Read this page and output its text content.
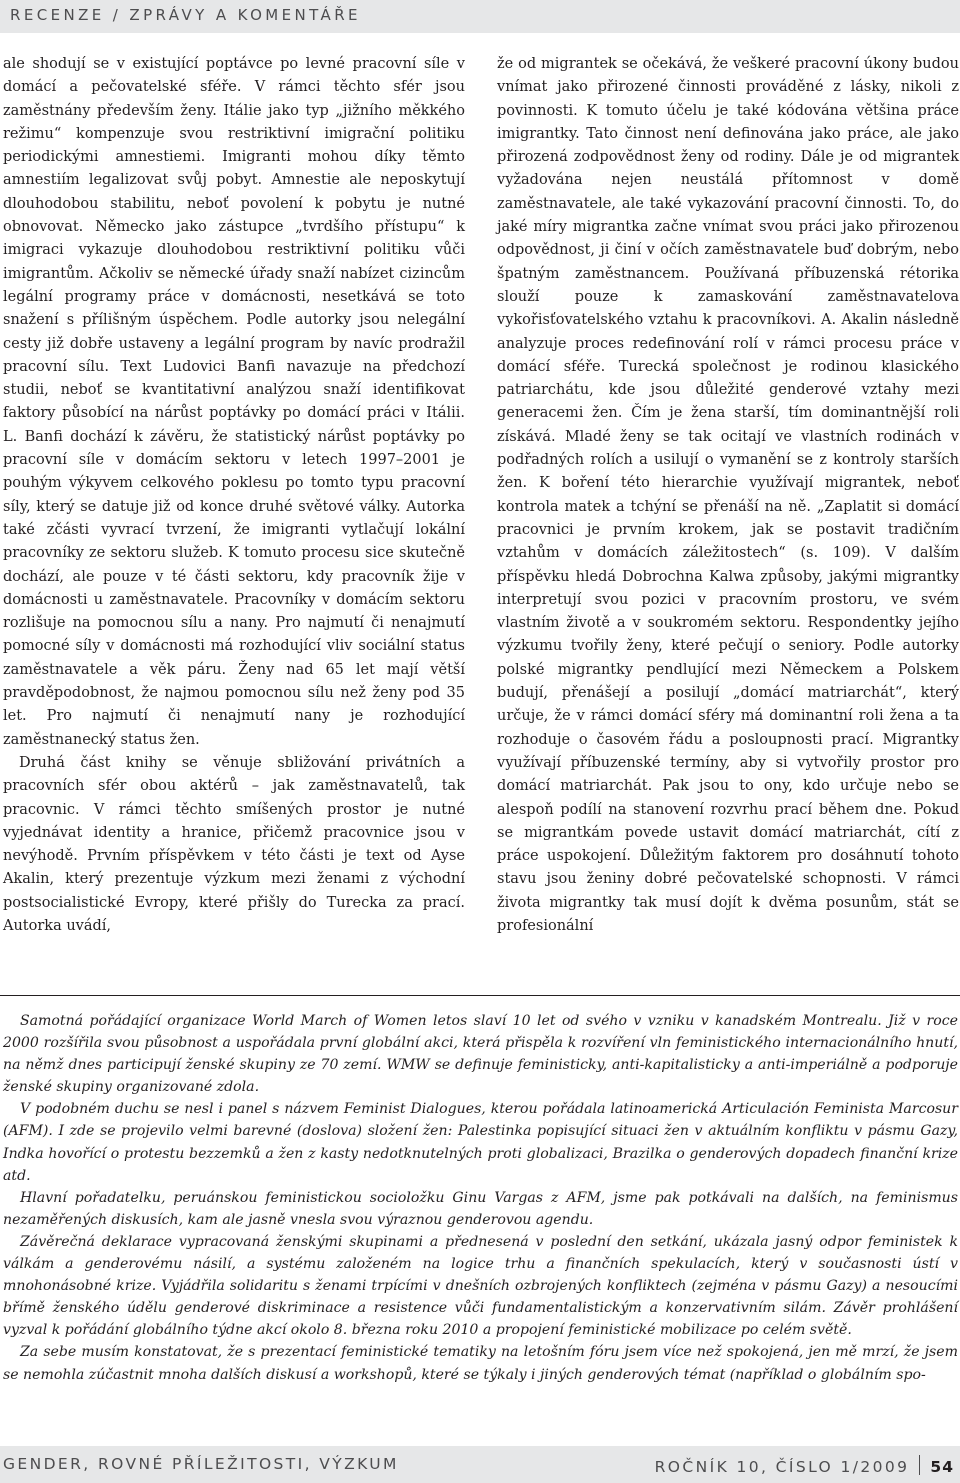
RECENZE / ZPRÁVY A KOMENTÁŘE

ale shodují se v existující poptávce po levné pracovní síle v domácí a pečovatelské sféře. V rámci těchto sfér jsou zaměstnány především ženy. Itálie jako typ „jižního měkkého režimu“ kompenzuje svou restriktivní imigrační politiku periodickými amnestiemi. Imigranti mohou díky těmto amnestiím legalizovat svůj pobyt. Amnestie ale neposkytují dlouhodobou stabilitu, neboť povolení k pobytu je nutné obnovovat. Německo jako zástupce „tvrdšího přístupu“ k imigraci vykazuje dlouhodobou restriktivní politiku vůči imigrantům. Ačkoliv se německé úřady snaží nabízet cizincům legální programy práce v domácnosti, nesetkává se toto snažení s přílišným úspěchem. Podle autorky jsou nelegální cesty již dobře ustaveny a legální program by navíc prodražil pracovní sílu. Text Ludovici Banfi navazuje na předchozí studii, neboť se kvantitativní analýzou snaží identifikovat faktory působící na nárůst poptávky po domácí práci v Itálii. L. Banfi dochází k závěru, že statistický nárůst poptávky po pracovní síle v domácím sektoru v letech 1997–2001 je pouhým výkyvem celkového poklesu po tomto typu pracovní síly, který se datuje již od konce druhé světové války. Autorka také zčásti vyvrací tvrzení, že imigranti vytlačují lokální pracovníky ze sektoru služeb. K tomuto procesu sice skutečně dochází, ale pouze v té části sektoru, kdy pracovník žije v domácnosti u zaměstnavatele. Pracovníky v domácím sektoru rozlišuje na pomocnou sílu a nany. Pro najmutí či nenajmutí pomocné síly v domácnosti má rozhodující vliv sociální status zaměstnavatele a věk páru. Ženy nad 65 let mají větší pravděpodobnost, že najmou pomocnou sílu než ženy pod 35 let. Pro najmutí či nenajmutí nany je rozhodující zaměstnanecký status žen.

Druhá část knihy se věnuje sbližování privátních a pracovních sfér obou aktérů – jak zaměstnavatelů, tak pracovnic. V rámci těchto smíšených prostor je nutné vyjednávat identity a hranice, přičemž pracovnice jsou v nevýhodě. Prvním příspěvkem v této části je text od Ayse Akalin, který prezentuje výzkum mezi ženami z východní postsocialistické Evropy, které přišly do Turecka za prací. Autorka uvádí,

že od migrantek se očekává, že veškeré pracovní úkony budou vnímat jako přirozené činnosti prováděné z lásky, nikoli z povinnosti. K tomuto účelu je také kódována většina práce imigrantky. Tato činnost není definována jako práce, ale jako přirozená zodpovědnost ženy od rodiny. Dále je od migrantek vyžadována nejen neustálá přítomnost v domě zaměstnavatele, ale také vykazování pracovní činnosti. To, do jaké míry migrantka začne vnímat svou práci jako přirozenou odpovědnost, ji činí v očích zaměstnavatele buď dobrým, nebo špatným zaměstnancem. Používaná příbuzenská rétorika slouží pouze k zamaskování zaměstnavatelova vykořisťovatelského vztahu k pracovníkovi. A. Akalin následně analyzuje proces redefinování rolí v rámci procesu práce v domácí sféře. Turecká společnost je rodinou klasického patriarchátu, kde jsou důležité genderové vztahy mezi generacemi žen. Čím je žena starší, tím dominantnější roli získává. Mladé ženy se tak ocitají ve vlastních rodinách v podřadných rolích a usilují o vymanění se z kontroly starších žen. K boření této hierarchie využívají migrantek, neboť kontrola matek a tchýní se přenáší na ně. „Zaplatit si domácí pracovnici je prvním krokem, jak se postavit tradičním vztahům v domácích záležitostech“ (s. 109). V dalším příspěvku hledá Dobrochna Kalwa způsoby, jakými migrantky interpretují svou pozici v pracovním prostoru, ve svém vlastním životě a v soukromém sektoru. Respondentky jejího výzkumu tvořily ženy, které pečují o seniory. Podle autorky polské migrantky pendlující mezi Německem a Polskem budují, přenášejí a posilují „domácí matriarchát“, který určuje, že v rámci domácí sféry má dominantní roli žena a ta rozhoduje o časovém řádu a posloupnosti prací. Migrantky využívají příbuzenské termíny, aby si vytvořily prostor pro domácí matriarchát. Pak jsou to ony, kdo určuje nebo se alespoň podílí na stanovení rozvrhu prací během dne. Pokud se migrantkám povede ustavit domácí matriarchát, cítí z práce uspokojení. Důležitým faktorem pro dosáhnutí tohoto stavu jsou ženiny dobré pečovatelské schopnosti. V rámci života migrantky tak musí dojít k dvěma posunům, stát se profesionální

Samotná pořádající organizace World March of Women letos slaví 10 let od svého v vzniku v kanadském Montrealu. Již v roce 2000 rozšířila svou působnost a uspořádala první globální akci, která přispěla k rozvíření vln feministického internacionálního hnutí, na němž dnes participují ženské skupiny ze 70 zemí. WMW se definuje feministicky, anti-kapitalisticky a anti-imperiálně a podporuje ženské skupiny organizované zdola.

V podobném duchu se nesl i panel s názvem Feminist Dialogues, kterou pořádala latinoamerická Articulación Feminista Marcosur (AFM). I zde se projevilo velmi barevné (doslova) složení žen: Palestinka popisující situaci žen v aktuálním konfliktu v pásmu Gazy, Indka hovořící o protestu bezzemků a žen z kasty nedotknutelných proti globalizaci, Brazilka o genderových dopadech finanční krize atd.

Hlavní pořadatelku, peruánskou feministickou socioložku Ginu Vargas z AFM, jsme pak potkávali na dalších, na feminismus nezaměřených diskusích, kam ale jasně vnesla svou výraznou genderovou agendu.

Závěrečná deklarace vypracovaná ženskými skupinami a přednesená v poslední den setkání, ukázala jasný odpor feministek k válkám a genderovému násilí, a systému založeném na logice trhu a finančních spekulacích, který v současnosti ústí v mnohonásobné krize. Vyjádřila solidaritu s ženami trpícími v dnešních ozbrojených konfliktech (zejména v pásmu Gazy) a nesoucími břímě ženského údělu genderové diskriminace a resistence vůči fundamentalistickým a konzervativním silám. Závěr prohlášení vyzval k pořádání globálního týdne akcí okolo 8. března roku 2010 a propojení feministické mobilizace po celém světě.

Za sebe musím konstatovat, že s prezentací feministické tematiky na letošním fóru jsem více než spokojená, jen mě mrzí, že jsem se nemohla zúčastnit mnoha dalších diskusí a workshopů, které se týkaly i jiných genderových témat (například o globálním spo-

GENDER, ROVNÉ PŘÍLEŽITOSTI, VÝZKUM	ROČNÍK 10, ČÍSLO 1/2009 54
